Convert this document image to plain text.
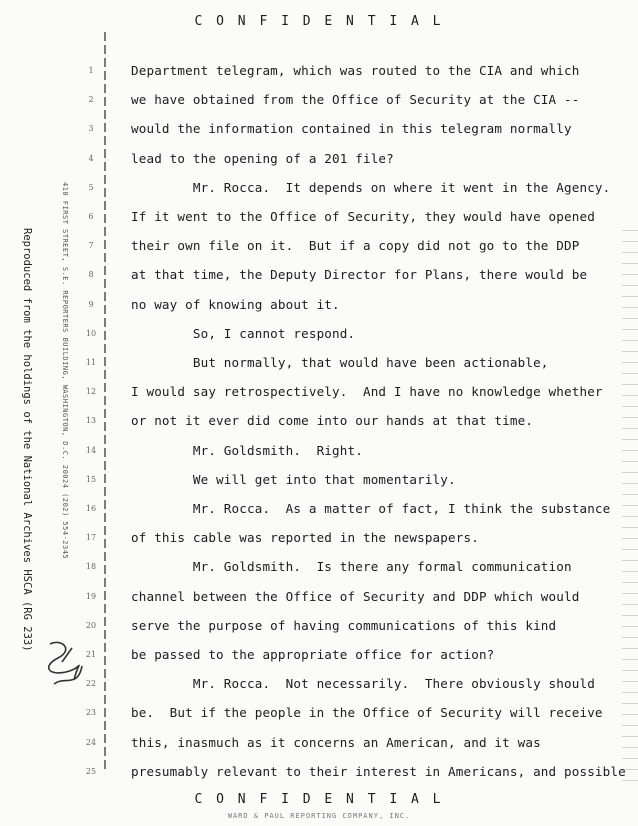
C O N F I D E N T I A L
Reproduced from the holdings of the National Archives HSCA (RG 233)	410 FIRST STREET, S.E. REPORTERS BUILDING, WASHINGTON, D.C. 20024 (202) 554-2345
1	Department telegram, which was routed to the CIA and which
2	we have obtained from the Office of Security at the CIA --
3	would the information contained in this telegram normally
4	lead to the opening of a 201 file?
5	Mr. Rocca.  It depends on where it went in the Agency.
6	If it went to the Office of Security, they would have opened
7	their own file on it.  But if a copy did not go to the DDP
8	at that time, the Deputy Director for Plans, there would be
9	no way of knowing about it.
10	So, I cannot respond.
11	But normally, that would have been actionable,
12	I would say retrospectively.  And I have no knowledge whether
13	or not it ever did come into our hands at that time.
14	Mr. Goldsmith.  Right.
15	We will get into that momentarily.
16	Mr. Rocca.  As a matter of fact, I think the substance
17	of this cable was reported in the newspapers.
18	Mr. Goldsmith.  Is there any formal communication
19	channel between the Office of Security and DDP which would
20	serve the purpose of having communications of this kind
21	be passed to the appropriate office for action?
22	Mr. Rocca.  Not necessarily.  There obviously should
23	be.  But if the people in the Office of Security will receive
24	this, inasmuch as it concerns an American, and it was
25	presumably relevant to their interest in Americans, and possible
C O N F I D E N T I A L
WARD & PAUL REPORTING COMPANY, INC.
